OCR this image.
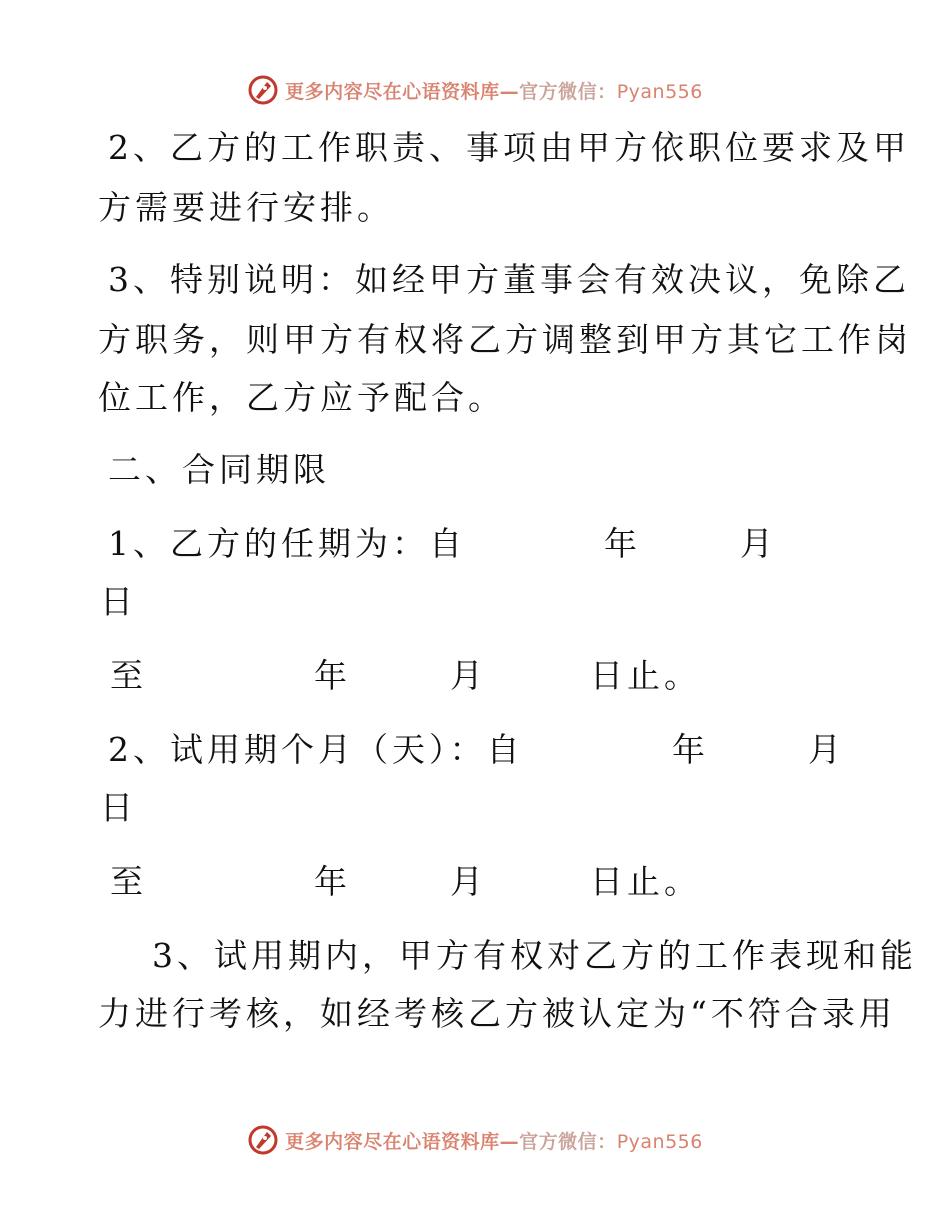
更多内容尽在心语资料库—官方微信：Pyan556
2、乙方的工作职责、事项由甲方依职位要求及甲
方需要进行安排。
3、特别说明：如经甲方董事会有效决议，免除乙
方职务，则甲方有权将乙方调整到甲方其它工作岗
位工作，乙方应予配合。
二、合同期限
1、乙方的任期为：自	年	月
日
至	年	月	日止。
2、试用期个月（天）：自	年	月
日
至	年	月	日止。
3、试用期内，甲方有权对乙方的工作表现和能
力进行考核，如经考核乙方被认定为“不符合录用
更多内容尽在心语资料库—官方微信：Pyan556
